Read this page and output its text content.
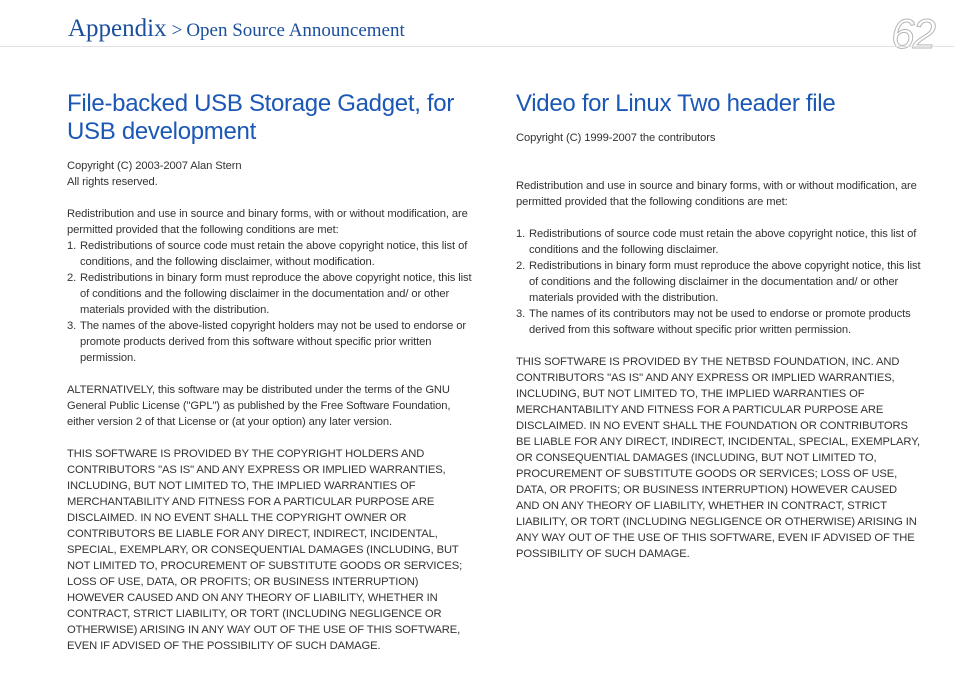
Appendix > Open Source Announcement	62
File-backed USB Storage Gadget, for USB development

Copyright (C) 2003-2007 Alan Stern

All rights reserved.

Redistribution and use in source and binary forms, with or without modification, are permitted provided that the following conditions are met:

1. Redistributions of source code must retain the above copyright notice, this list of conditions, and the following disclaimer, without modification.
2. Redistributions in binary form must reproduce the above copyright notice, this list of conditions and the following disclaimer in the documentation and/ or other materials provided with the distribution.
3. The names of the above-listed copyright holders may not be used to endorse or promote products derived from this software without specific prior written permission.

ALTERNATIVELY, this software may be distributed under the terms of the GNU General Public License ("GPL") as published by the Free Software Foundation, either version 2 of that License or (at your option) any later version.

THIS SOFTWARE IS PROVIDED BY THE COPYRIGHT HOLDERS AND CONTRIBUTORS "AS IS" AND ANY EXPRESS OR IMPLIED WARRANTIES, INCLUDING, BUT NOT LIMITED TO, THE IMPLIED WARRANTIES OF MERCHANTABILITY AND FITNESS FOR A PARTICULAR PURPOSE ARE DISCLAIMED. IN NO EVENT SHALL THE COPYRIGHT OWNER OR CONTRIBUTORS BE LIABLE FOR ANY DIRECT, INDIRECT, INCIDENTAL, SPECIAL, EXEMPLARY, OR CONSEQUENTIAL DAMAGES (INCLUDING, BUT NOT LIMITED TO, PROCUREMENT OF SUBSTITUTE GOODS OR SERVICES; LOSS OF USE, DATA, OR PROFITS; OR BUSINESS INTERRUPTION) HOWEVER CAUSED AND ON ANY THEORY OF LIABILITY, WHETHER IN CONTRACT, STRICT LIABILITY, OR TORT (INCLUDING NEGLIGENCE OR OTHERWISE) ARISING IN ANY WAY OUT OF THE USE OF THIS SOFTWARE, EVEN IF ADVISED OF THE POSSIBILITY OF SUCH DAMAGE.

Video for Linux Two header file

Copyright (C) 1999-2007 the contributors

Redistribution and use in source and binary forms, with or without modification, are permitted provided that the following conditions are met:

1. Redistributions of source code must retain the above copyright notice, this list of conditions and the following disclaimer.
2. Redistributions in binary form must reproduce the above copyright notice, this list of conditions and the following disclaimer in the documentation and/ or other materials provided with the distribution.
3. The names of its contributors may not be used to endorse or promote products derived from this software without specific prior written permission.

THIS SOFTWARE IS PROVIDED BY THE NETBSD FOUNDATION, INC. AND CONTRIBUTORS "AS IS" AND ANY EXPRESS OR IMPLIED WARRANTIES, INCLUDING, BUT NOT LIMITED TO, THE IMPLIED WARRANTIES OF MERCHANTABILITY AND FITNESS FOR A PARTICULAR PURPOSE ARE DISCLAIMED. IN NO EVENT SHALL THE FOUNDATION OR CONTRIBUTORS BE LIABLE FOR ANY DIRECT, INDIRECT, INCIDENTAL, SPECIAL, EXEMPLARY, OR CONSEQUENTIAL DAMAGES (INCLUDING, BUT NOT LIMITED TO, PROCUREMENT OF SUBSTITUTE GOODS OR SERVICES; LOSS OF USE, DATA, OR PROFITS; OR BUSINESS INTERRUPTION) HOWEVER CAUSED AND ON ANY THEORY OF LIABILITY, WHETHER IN CONTRACT, STRICT LIABILITY, OR TORT (INCLUDING NEGLIGENCE OR OTHERWISE) ARISING IN ANY WAY OUT OF THE USE OF THIS SOFTWARE, EVEN IF ADVISED OF THE POSSIBILITY OF SUCH DAMAGE.
